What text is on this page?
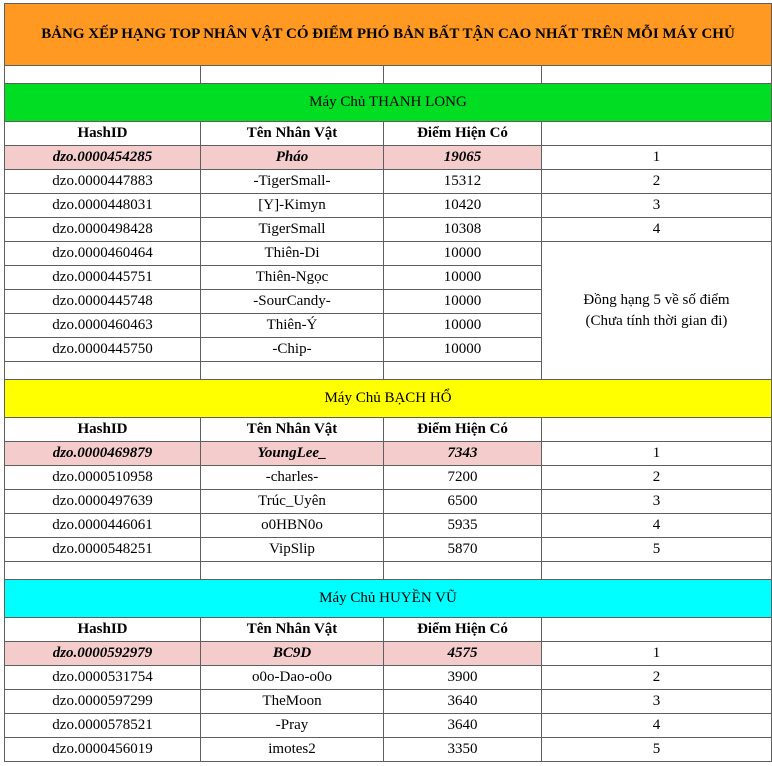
BẢNG XẾP HẠNG TOP NHÂN VẬT CÓ ĐIỂM PHÓ BẢN BẤT TẬN CAO NHẤT TRÊN MỖI MÁY CHỦ			

Máy Chủ THANH LONG			
HashID	Tên Nhân Vật	Điểm Hiện Có	
dzo.0000454285	Pháo	19065	1
dzo.0000447883	-TigerSmall-	15312	2
dzo.0000448031	[Y]-Kimyn	10420	3
dzo.0000498428	TigerSmall	10308	4
dzo.0000460464	Thiên-Di	10000	Đồng hạng 5 về số điểm
(Chưa tính thời gian đi)
dzo.0000445751	Thiên-Ngọc	10000	
dzo.0000445748	-SourCandy-	10000	
dzo.0000460463	Thiên-Ý	10000	
dzo.0000445750	-Chip-	10000	

Máy Chủ BẠCH HỔ			
HashID	Tên Nhân Vật	Điểm Hiện Có	
dzo.0000469879	YoungLee_	7343	1
dzo.0000510958	-charles-	7200	2
dzo.0000497639	Trúc_Uyên	6500	3
dzo.0000446061	o0HBN0o	5935	4
dzo.0000548251	VipSlip	5870	5

Máy Chủ HUYỀN VŨ			
HashID	Tên Nhân Vật	Điểm Hiện Có	
dzo.0000592979	BC9D	4575	1
dzo.0000531754	o0o-Dao-o0o	3900	2
dzo.0000597299	TheMoon	3640	3
dzo.0000578521	-Pray	3640	4
dzo.0000456019	imotes2	3350	5
